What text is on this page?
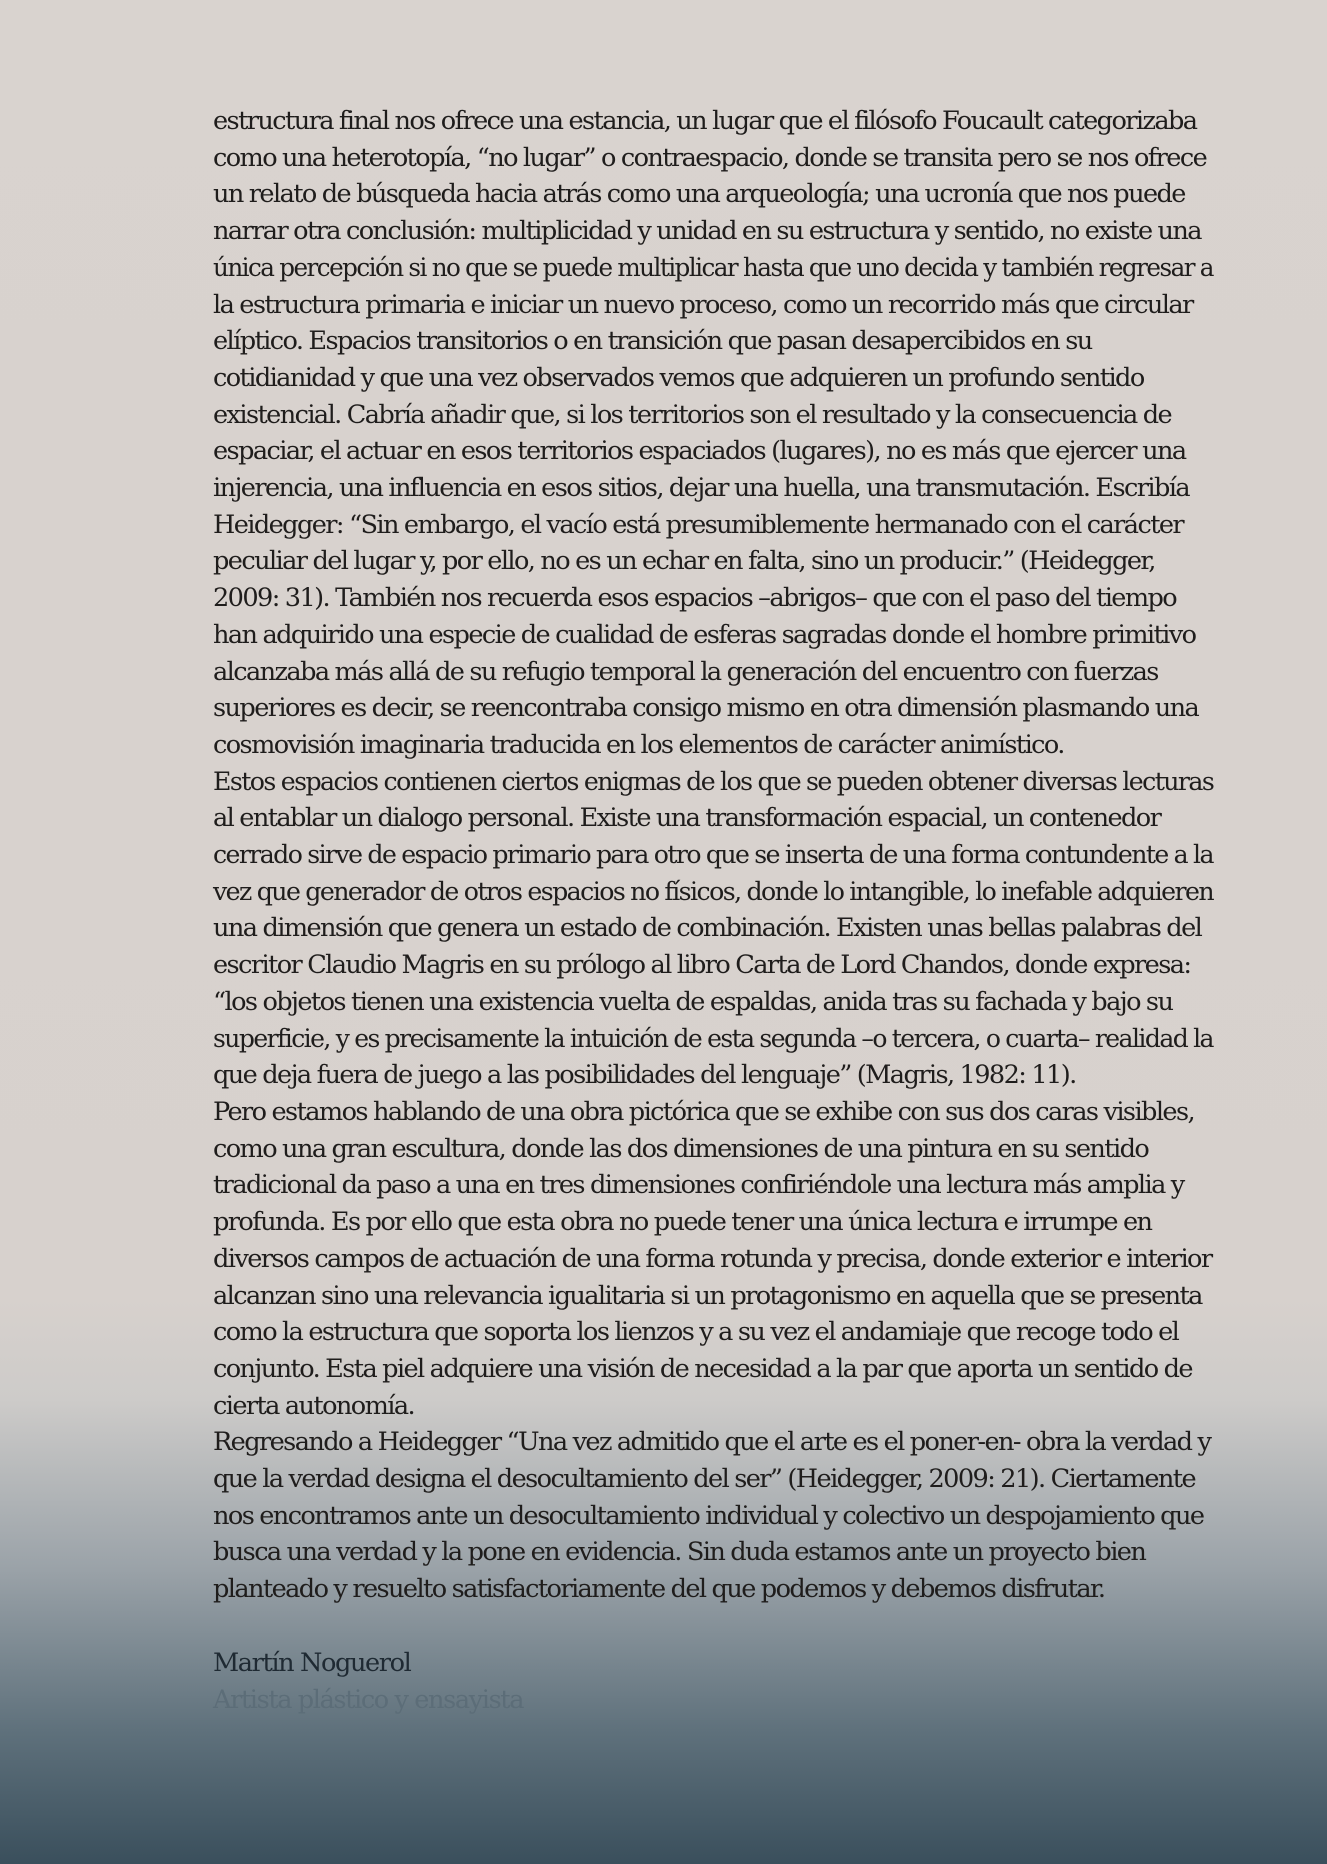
estructura final nos ofrece una estancia, un lugar que el filósofo Foucault categorizaba
como una heterotopía, “no lugar” o contraespacio, donde se transita pero se nos ofrece
un relato de búsqueda hacia atrás como una arqueología; una ucronía que nos puede
narrar otra conclusión: multiplicidad y unidad en su estructura y sentido, no existe una
única percepción si no que se puede multiplicar hasta que uno decida y también regresar a
la estructura primaria e iniciar un nuevo proceso, como un recorrido más que circular
elíptico. Espacios transitorios o en transición que pasan desapercibidos en su
cotidianidad y que una vez observados vemos que adquieren un profundo sentido
existencial. Cabría añadir que, si los territorios son el resultado y la consecuencia de
espaciar, el actuar en esos territorios espaciados (lugares), no es más que ejercer una
injerencia, una influencia en esos sitios, dejar una huella, una transmutación. Escribía
Heidegger: “Sin embargo, el vacío está presumiblemente hermanado con el carácter
peculiar del lugar y, por ello, no es un echar en falta, sino un producir.” (Heidegger,
2009: 31). También nos recuerda esos espacios –abrigos– que con el paso del tiempo
han adquirido una especie de cualidad de esferas sagradas donde el hombre primitivo
alcanzaba más allá de su refugio temporal la generación del encuentro con fuerzas
superiores es decir, se reencontraba consigo mismo en otra dimensión plasmando una
cosmovisión imaginaria traducida en los elementos de carácter animístico.
Estos espacios contienen ciertos enigmas de los que se pueden obtener diversas lecturas
al entablar un dialogo personal. Existe una transformación espacial, un contenedor
cerrado sirve de espacio primario para otro que se inserta de una forma contundente a la
vez que generador de otros espacios no físicos, donde lo intangible, lo inefable adquieren
una dimensión que genera un estado de combinación. Existen unas bellas palabras del
escritor Claudio Magris en su prólogo al libro Carta de Lord Chandos, donde expresa:
“los objetos tienen una existencia vuelta de espaldas, anida tras su fachada y bajo su
superficie, y es precisamente la intuición de esta segunda –o tercera, o cuarta– realidad la
que deja fuera de juego a las posibilidades del lenguaje” (Magris, 1982: 11).
Pero estamos hablando de una obra pictórica que se exhibe con sus dos caras visibles,
como una gran escultura, donde las dos dimensiones de una pintura en su sentido
tradicional da paso a una en tres dimensiones confiriéndole una lectura más amplia y
profunda. Es por ello que esta obra no puede tener una única lectura e irrumpe en
diversos campos de actuación de una forma rotunda y precisa, donde exterior e interior
alcanzan sino una relevancia igualitaria si un protagonismo en aquella que se presenta
como la estructura que soporta los lienzos y a su vez el andamiaje que recoge todo el
conjunto. Esta piel adquiere una visión de necesidad a la par que aporta un sentido de
cierta autonomía.
Regresando a Heidegger “Una vez admitido que el arte es el poner-en- obra la verdad y
que la verdad designa el desocultamiento del ser” (Heidegger, 2009: 21). Ciertamente
nos encontramos ante un desocultamiento individual y colectivo un despojamiento que
busca una verdad y la pone en evidencia. Sin duda estamos ante un proyecto bien
planteado y resuelto satisfactoriamente del que podemos y debemos disfrutar.
Martín Noguerol
Artista plástico y ensayista
